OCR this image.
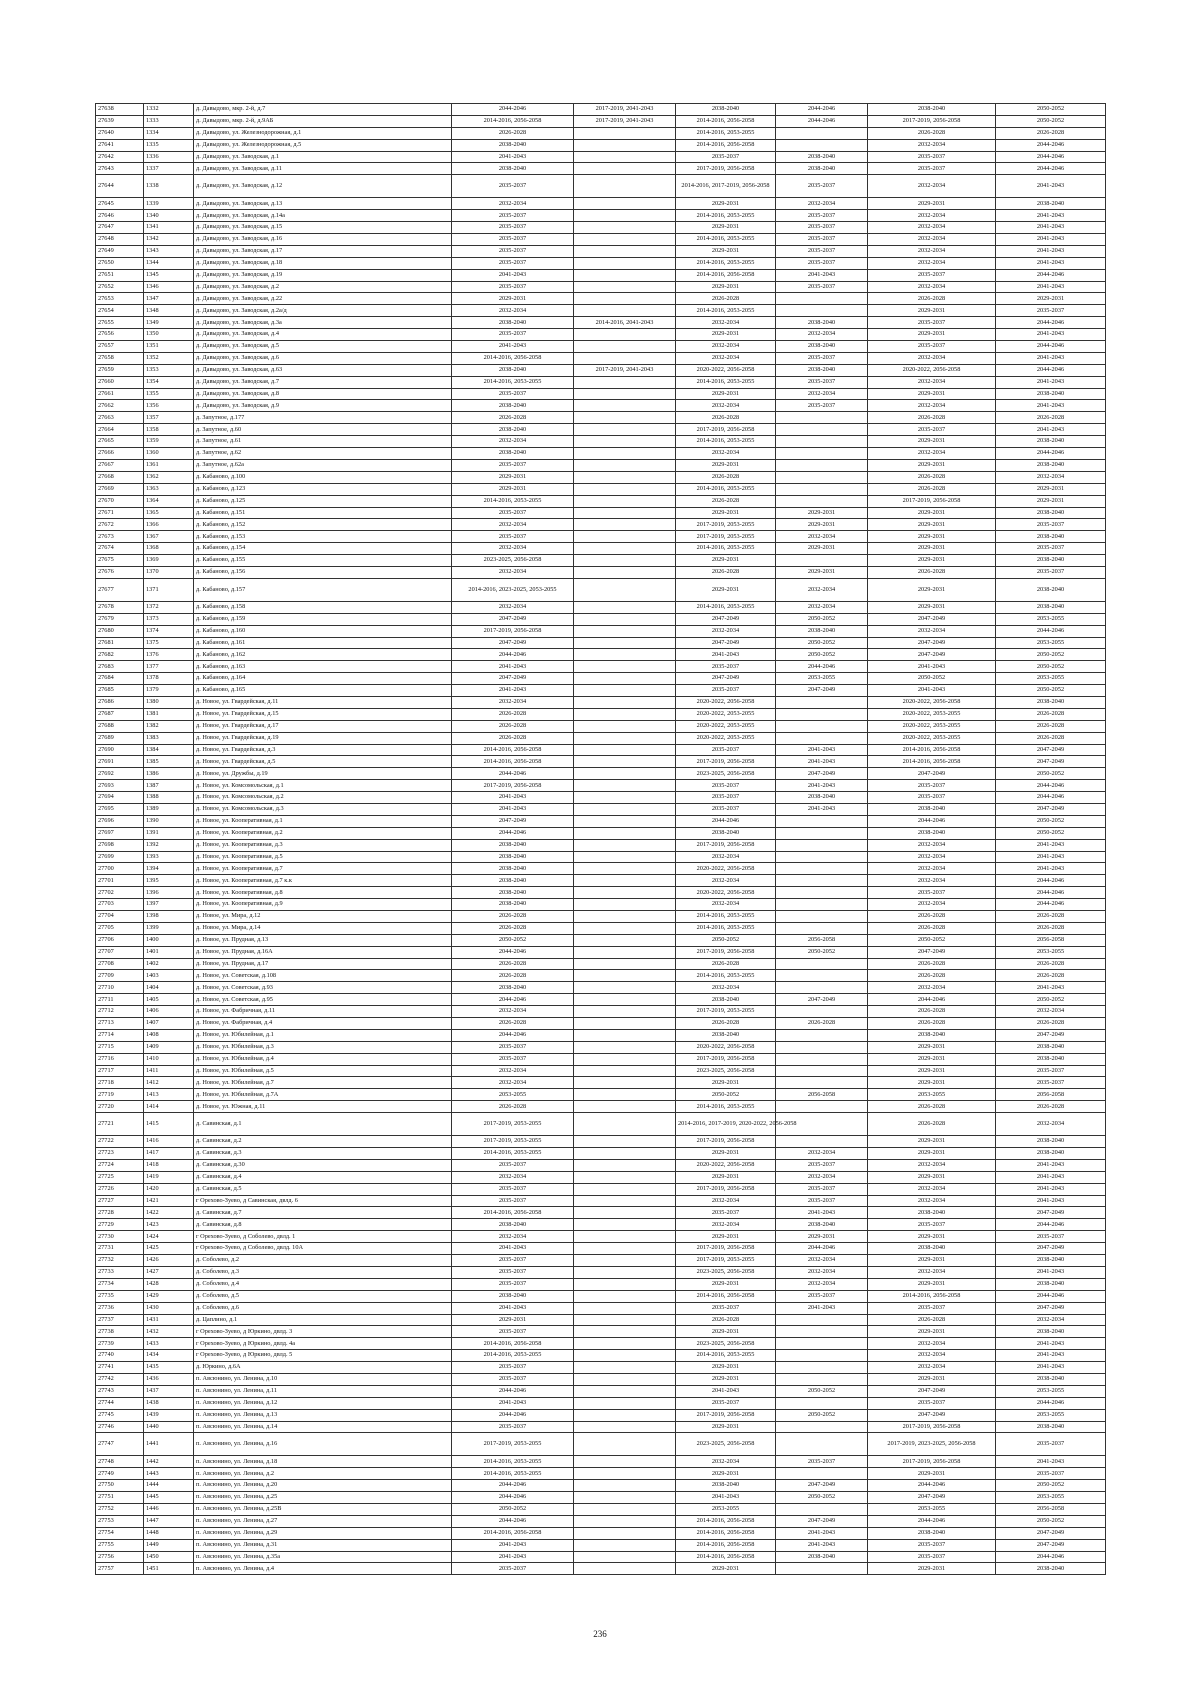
27638	1332	д. Давыдово, мкр. 2-й, д.7	2044-2046	2017-2019, 2041-2043	2038-2040	2044-2046	2038-2040	2050-2052
27639	1333	д. Давыдово, мкр. 2-й, д.9АБ	2014-2016, 2056-2058	2017-2019, 2041-2043	2014-2016, 2056-2058	2044-2046	2017-2019, 2056-2058	2050-2052
27640	1334	д. Давыдово, ул. Железнодорожная, д.1	2026-2028		2014-2016, 2053-2055		2026-2028	2026-2028
27641	1335	д. Давыдово, ул. Железнодорожная, д.5	2038-2040		2014-2016, 2056-2058		2032-2034	2044-2046
27642	1336	д. Давыдово, ул. Заводская, д.1	2041-2043		2035-2037	2038-2040	2035-2037	2044-2046
27643	1337	д. Давыдово, ул. Заводская, д.11	2038-2040		2017-2019, 2056-2058	2038-2040	2035-2037	2044-2046
27644	1338	д. Давыдово, ул. Заводская, д.12	2035-2037		2014-2016, 2017-2019, 2056-2058	2035-2037	2032-2034	2041-2043
27645	1339	д. Давыдово, ул. Заводская, д.13	2032-2034		2029-2031	2032-2034	2029-2031	2038-2040
27646	1340	д. Давыдово, ул. Заводская, д.14а	2035-2037		2014-2016, 2053-2055	2035-2037	2032-2034	2041-2043
27647	1341	д. Давыдово, ул. Заводская, д.15	2035-2037		2029-2031	2035-2037	2032-2034	2041-2043
27648	1342	д. Давыдово, ул. Заводская, д.16	2035-2037		2014-2016, 2053-2055	2035-2037	2032-2034	2041-2043
27649	1343	д. Давыдово, ул. Заводская, д.17	2035-2037		2029-2031	2035-2037	2032-2034	2041-2043
27650	1344	д. Давыдово, ул. Заводская, д.18	2035-2037		2014-2016, 2053-2055	2035-2037	2032-2034	2041-2043
27651	1345	д. Давыдово, ул. Заводская, д.19	2041-2043		2014-2016, 2056-2058	2041-2043	2035-2037	2044-2046
27652	1346	д. Давыдово, ул. Заводская, д.2	2035-2037		2029-2031	2035-2037	2032-2034	2041-2043
27653	1347	д. Давыдово, ул. Заводская, д.22	2029-2031		2026-2028		2026-2028	2029-2031
27654	1348	д. Давыдово, ул. Заводская, д.2а/д	2032-2034		2014-2016, 2053-2055		2029-2031	2035-2037
27655	1349	д. Давыдово, ул. Заводская, д.3а	2038-2040	2014-2016, 2041-2043	2032-2034	2038-2040	2035-2037	2044-2046
27656	1350	д. Давыдово, ул. Заводская, д.4	2035-2037		2029-2031	2032-2034	2029-2031	2041-2043
27657	1351	д. Давыдово, ул. Заводская, д.5	2041-2043		2032-2034	2038-2040	2035-2037	2044-2046
27658	1352	д. Давыдово, ул. Заводская, д.6	2014-2016, 2056-2058		2032-2034	2035-2037	2032-2034	2041-2043
27659	1353	д. Давыдово, ул. Заводская, д.63	2038-2040	2017-2019, 2041-2043	2020-2022, 2056-2058	2038-2040	2020-2022, 2056-2058	2044-2046
27660	1354	д. Давыдово, ул. Заводская, д.7	2014-2016, 2053-2055		2014-2016, 2053-2055	2035-2037	2032-2034	2041-2043
27661	1355	д. Давыдово, ул. Заводская, д.8	2035-2037		2029-2031	2032-2034	2029-2031	2038-2040
27662	1356	д. Давыдово, ул. Заводская, д.9	2038-2040		2032-2034	2035-2037	2032-2034	2041-2043
27663	1357	д. Запутное, д.177	2026-2028		2026-2028		2026-2028	2026-2028
27664	1358	д. Запутное, д.60	2038-2040		2017-2019, 2056-2058		2035-2037	2041-2043
27665	1359	д. Запутное, д.61	2032-2034		2014-2016, 2053-2055		2029-2031	2038-2040
27666	1360	д. Запутное, д.62	2038-2040		2032-2034		2032-2034	2044-2046
27667	1361	д. Запутное, д.62а	2035-2037		2029-2031		2029-2031	2038-2040
27668	1362	д. Кабаново, д.100	2029-2031		2026-2028		2026-2028	2032-2034
27669	1363	д. Кабаново, д.123	2029-2031		2014-2016, 2053-2055		2026-2028	2029-2031
27670	1364	д. Кабаново, д.125	2014-2016, 2053-2055		2026-2028		2017-2019, 2056-2058	2029-2031
27671	1365	д. Кабаново, д.151	2035-2037		2029-2031	2029-2031	2029-2031	2038-2040
27672	1366	д. Кабаново, д.152	2032-2034		2017-2019, 2053-2055	2029-2031	2029-2031	2035-2037
27673	1367	д. Кабаново, д.153	2035-2037		2017-2019, 2053-2055	2032-2034	2029-2031	2038-2040
27674	1368	д. Кабаново, д.154	2032-2034		2014-2016, 2053-2055	2029-2031	2029-2031	2035-2037
27675	1369	д. Кабаново, д.155	2023-2025, 2056-2058		2029-2031		2029-2031	2038-2040
27676	1370	д. Кабаново, д.156	2032-2034		2026-2028	2029-2031	2026-2028	2035-2037
27677	1371	д. Кабаново, д.157	2014-2016, 2023-2025, 2053-2055		2029-2031	2032-2034	2029-2031	2038-2040
27678	1372	д. Кабаново, д.158	2032-2034		2014-2016, 2053-2055	2032-2034	2029-2031	2038-2040
27679	1373	д. Кабаново, д.159	2047-2049		2047-2049	2050-2052	2047-2049	2053-2055
27680	1374	д. Кабаново, д.160	2017-2019, 2056-2058		2032-2034	2038-2040	2032-2034	2044-2046
27681	1375	д. Кабаново, д.161	2047-2049		2047-2049	2050-2052	2047-2049	2053-2055
27682	1376	д. Кабаново, д.162	2044-2046		2041-2043	2050-2052	2047-2049	2050-2052
27683	1377	д. Кабаново, д.163	2041-2043		2035-2037	2044-2046	2041-2043	2050-2052
27684	1378	д. Кабаново, д.164	2047-2049		2047-2049	2053-2055	2050-2052	2053-2055
27685	1379	д. Кабаново, д.165	2041-2043		2035-2037	2047-2049	2041-2043	2050-2052
27686	1380	д. Новое, ул. Гвардейская, д.11	2032-2034		2020-2022, 2056-2058		2020-2022, 2056-2058	2038-2040
27687	1381	д. Новое, ул. Гвардейская, д.15	2026-2028		2020-2022, 2053-2055		2020-2022, 2053-2055	2026-2028
27688	1382	д. Новое, ул. Гвардейская, д.17	2026-2028		2020-2022, 2053-2055		2020-2022, 2053-2055	2026-2028
27689	1383	д. Новое, ул. Гвардейская, д.19	2026-2028		2020-2022, 2053-2055		2020-2022, 2053-2055	2026-2028
27690	1384	д. Новое, ул. Гвардейская, д.3	2014-2016, 2056-2058		2035-2037	2041-2043	2014-2016, 2056-2058	2047-2049
27691	1385	д. Новое, ул. Гвардейская, д.5	2014-2016, 2056-2058		2017-2019, 2056-2058	2041-2043	2014-2016, 2056-2058	2047-2049
27692	1386	д. Новое, ул. Дружбы, д.19	2044-2046		2023-2025, 2056-2058	2047-2049	2047-2049	2050-2052
27693	1387	д. Новое, ул. Комсомольская, д.1	2017-2019, 2056-2058		2035-2037	2041-2043	2035-2037	2044-2046
27694	1388	д. Новое, ул. Комсомольская, д.2	2041-2043		2035-2037	2038-2040	2035-2037	2044-2046
27695	1389	д. Новое, ул. Комсомольская, д.3	2041-2043		2035-2037	2041-2043	2038-2040	2047-2049
27696	1390	д. Новое, ул. Кооперативная, д.1	2047-2049		2044-2046		2044-2046	2050-2052
27697	1391	д. Новое, ул. Кооперативная, д.2	2044-2046		2038-2040		2038-2040	2050-2052
27698	1392	д. Новое, ул. Кооперативная, д.3	2038-2040		2017-2019, 2056-2058		2032-2034	2041-2043
27699	1393	д. Новое, ул. Кооперативная, д.5	2038-2040		2032-2034		2032-2034	2041-2043
27700	1394	д. Новое, ул. Кооперативная, д.7	2038-2040		2020-2022, 2056-2058		2032-2034	2041-2043
27701	1395	д. Новое, ул. Кооперативная, д.7 к.к	2038-2040		2032-2034		2032-2034	2044-2046
27702	1396	д. Новое, ул. Кооперативная, д.8	2038-2040		2020-2022, 2056-2058		2035-2037	2044-2046
27703	1397	д. Новое, ул. Кооперативная, д.9	2038-2040		2032-2034		2032-2034	2044-2046
27704	1398	д. Новое, ул. Мира, д.12	2026-2028		2014-2016, 2053-2055		2026-2028	2026-2028
27705	1399	д. Новое, ул. Мира, д.14	2026-2028		2014-2016, 2053-2055		2026-2028	2026-2028
27706	1400	д. Новое, ул. Прудная, д.13	2050-2052		2050-2052	2056-2058	2050-2052	2056-2058
27707	1401	д. Новое, ул. Прудная, д.16А	2044-2046		2017-2019, 2056-2058	2050-2052	2047-2049	2053-2055
27708	1402	д. Новое, ул. Прудная, д.17	2026-2028		2026-2028		2026-2028	2026-2028
27709	1403	д. Новое, ул. Советская, д.108	2026-2028		2014-2016, 2053-2055		2026-2028	2026-2028
27710	1404	д. Новое, ул. Советская, д.93	2038-2040		2032-2034		2032-2034	2041-2043
27711	1405	д. Новое, ул. Советская, д.95	2044-2046		2038-2040	2047-2049	2044-2046	2050-2052
27712	1406	д. Новое, ул. Фабричная, д.11	2032-2034		2017-2019, 2053-2055		2026-2028	2032-2034
27713	1407	д. Новое, ул. Фабричная, д.4	2026-2028		2026-2028	2026-2028	2026-2028	2026-2028
27714	1408	д. Новое, ул. Юбилейная, д.1	2044-2046		2038-2040		2038-2040	2047-2049
27715	1409	д. Новое, ул. Юбилейная, д.3	2035-2037		2020-2022, 2056-2058		2029-2031	2038-2040
27716	1410	д. Новое, ул. Юбилейная, д.4	2035-2037		2017-2019, 2056-2058		2029-2031	2038-2040
27717	1411	д. Новое, ул. Юбилейная, д.5	2032-2034		2023-2025, 2056-2058		2029-2031	2035-2037
27718	1412	д. Новое, ул. Юбилейная, д.7	2032-2034		2029-2031		2029-2031	2035-2037
27719	1413	д. Новое, ул. Юбилейная, д.7А	2053-2055		2050-2052	2056-2058	2053-2055	2056-2058
27720	1414	д. Новое, ул. Южная, д.11	2026-2028		2014-2016, 2053-2055		2026-2028	2026-2028
27721	1415	д. Савинская, д.1	2017-2019, 2053-2055		2014-2016, 2017-2019, 2020-2022, 2056-2058		2026-2028	2032-2034
27722	1416	д. Савинская, д.2	2017-2019, 2053-2055		2017-2019, 2056-2058		2029-2031	2038-2040
27723	1417	д. Савинская, д.3	2014-2016, 2053-2055		2029-2031	2032-2034	2029-2031	2038-2040
27724	1418	д. Савинская, д.30	2035-2037		2020-2022, 2056-2058	2035-2037	2032-2034	2041-2043
27725	1419	д. Савинская, д.4	2032-2034		2029-2031	2032-2034	2029-2031	2041-2043
27726	1420	д. Савинская, д.5	2035-2037		2017-2019, 2056-2058	2035-2037	2032-2034	2041-2043
27727	1421	г Орехово-Зуево, д Савинская, двлд. 6	2035-2037		2032-2034	2035-2037	2032-2034	2041-2043
27728	1422	д. Савинская, д.7	2014-2016, 2056-2058		2035-2037	2041-2043	2038-2040	2047-2049
27729	1423	д. Савинская, д.8	2038-2040		2032-2034	2038-2040	2035-2037	2044-2046
27730	1424	г Орехово-Зуево, д Соболево, двлд. 1	2032-2034		2029-2031	2029-2031	2029-2031	2035-2037
27731	1425	г Орехово-Зуево, д Соболево, двлд. 10А	2041-2043		2017-2019, 2056-2058	2044-2046	2038-2040	2047-2049
27732	1426	д. Соболево, д.2	2035-2037		2017-2019, 2053-2055	2032-2034	2029-2031	2038-2040
27733	1427	д. Соболево, д.3	2035-2037		2023-2025, 2056-2058	2032-2034	2032-2034	2041-2043
27734	1428	д. Соболево, д.4	2035-2037		2029-2031	2032-2034	2029-2031	2038-2040
27735	1429	д. Соболево, д.5	2038-2040		2014-2016, 2056-2058	2035-2037	2014-2016, 2056-2058	2044-2046
27736	1430	д. Соболево, д.6	2041-2043		2035-2037	2041-2043	2035-2037	2047-2049
27737	1431	д. Цаплино, д.1	2029-2031		2026-2028		2026-2028	2032-2034
27738	1432	г Орехово-Зуево, д Юркино, двлд. 3	2035-2037		2029-2031		2029-2031	2038-2040
27739	1433	г Орехово-Зуево, д Юркино, двлд. 4а	2014-2016, 2056-2058		2023-2025, 2056-2058		2032-2034	2041-2043
27740	1434	г Орехово-Зуево, д Юркино, двлд. 5	2014-2016, 2053-2055		2014-2016, 2053-2055		2032-2034	2041-2043
27741	1435	д. Юркино, д.6А	2035-2037		2029-2031		2032-2034	2041-2043
27742	1436	п. Авсюнино, ул. Ленина, д.10	2035-2037		2029-2031		2029-2031	2038-2040
27743	1437	п. Авсюнино, ул. Ленина, д.11	2044-2046		2041-2043	2050-2052	2047-2049	2053-2055
27744	1438	п. Авсюнино, ул. Ленина, д.12	2041-2043		2035-2037		2035-2037	2044-2046
27745	1439	п. Авсюнино, ул. Ленина, д.13	2044-2046		2017-2019, 2056-2058	2050-2052	2047-2049	2053-2055
27746	1440	п. Авсюнино, ул. Ленина, д.14	2035-2037		2029-2031		2017-2019, 2056-2058	2038-2040
27747	1441	п. Авсюнино, ул. Ленина, д.16	2017-2019, 2053-2055		2023-2025, 2056-2058		2017-2019, 2023-2025, 2056-2058	2035-2037
27748	1442	п. Авсюнино, ул. Ленина, д.18	2014-2016, 2053-2055		2032-2034	2035-2037	2017-2019, 2056-2058	2041-2043
27749	1443	п. Авсюнино, ул. Ленина, д.2	2014-2016, 2053-2055		2029-2031		2029-2031	2035-2037
27750	1444	п. Авсюнино, ул. Ленина, д.20	2044-2046		2038-2040	2047-2049	2044-2046	2050-2052
27751	1445	п. Авсюнино, ул. Ленина, д.25	2044-2046		2041-2043	2050-2052	2047-2049	2053-2055
27752	1446	п. Авсюнино, ул. Ленина, д.25В	2050-2052		2053-2055		2053-2055	2056-2058
27753	1447	п. Авсюнино, ул. Ленина, д.27	2044-2046		2014-2016, 2056-2058	2047-2049	2044-2046	2050-2052
27754	1448	п. Авсюнино, ул. Ленина, д.29	2014-2016, 2056-2058		2014-2016, 2056-2058	2041-2043	2038-2040	2047-2049
27755	1449	п. Авсюнино, ул. Ленина, д.31	2041-2043		2014-2016, 2056-2058	2041-2043	2035-2037	2047-2049
27756	1450	п. Авсюнино, ул. Ленина, д.35а	2041-2043		2014-2016, 2056-2058	2038-2040	2035-2037	2044-2046
27757	1451	п. Авсюнино, ул. Ленина, д.4	2035-2037		2029-2031		2029-2031	2038-2040
236
